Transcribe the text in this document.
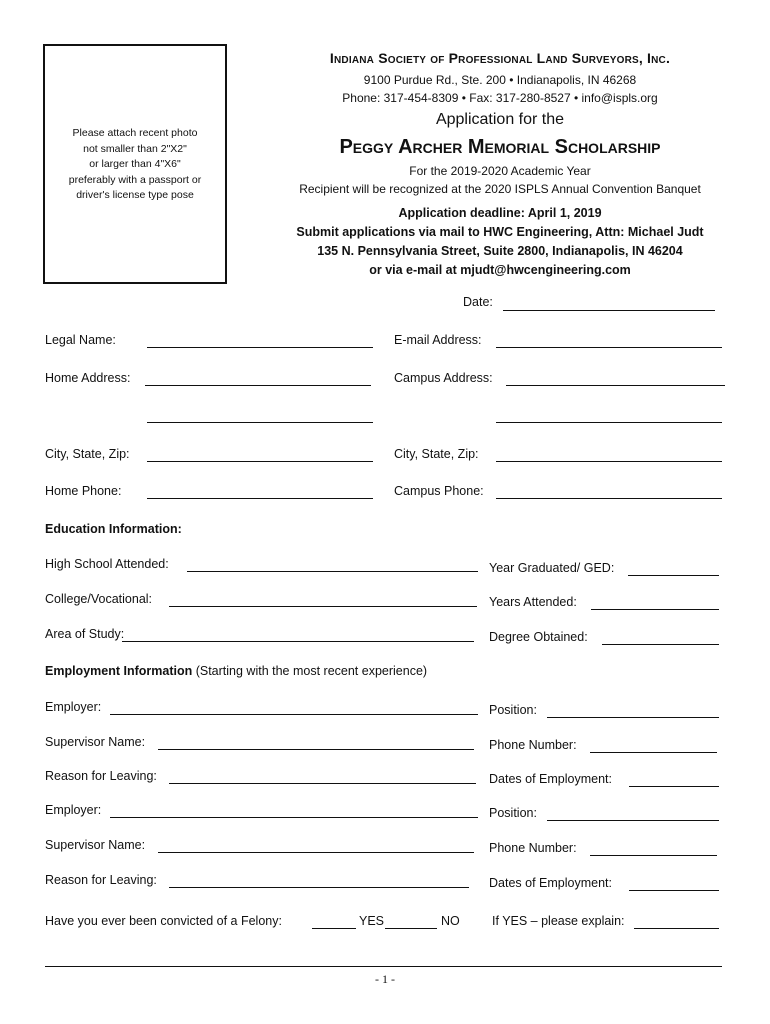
Please attach recent photo
not smaller than 2"X2"
or larger than 4"X6"
preferably with a passport or
driver's license type pose
Indiana Society of Professional Land Surveyors, Inc.
9100 Purdue Rd., Ste. 200 • Indianapolis, IN 46268
Phone: 317-454-8309 • Fax: 317-280-8527 • info@ispls.org
Application for the
Peggy Archer Memorial Scholarship
For the 2019-2020 Academic Year
Recipient will be recognized at the 2020 ISPLS Annual Convention Banquet
Application deadline: April 1, 2019
Submit applications via mail to HWC Engineering, Attn: Michael Judt
135 N. Pennsylvania Street, Suite 2800, Indianapolis, IN 46204
or via e-mail at mjudt@hwcengineering.com
Date:
Legal Name:	E-mail Address:
Home Address:	Campus Address:
City, State, Zip:	City, State, Zip:
Home Phone:	Campus Phone:
Education Information:
High School Attended:	Year Graduated/ GED:
College/Vocational:	Years Attended:
Area of Study:	Degree Obtained:
Employment Information (Starting with the most recent experience)
Employer:	Position:
Supervisor Name:	Phone Number:
Reason for Leaving:	Dates of Employment:
Employer:	Position:
Supervisor Name:	Phone Number:
Reason for Leaving:	Dates of Employment:
Have you ever been convicted of a Felony:	YES	NO	If YES – please explain:
- 1 -
